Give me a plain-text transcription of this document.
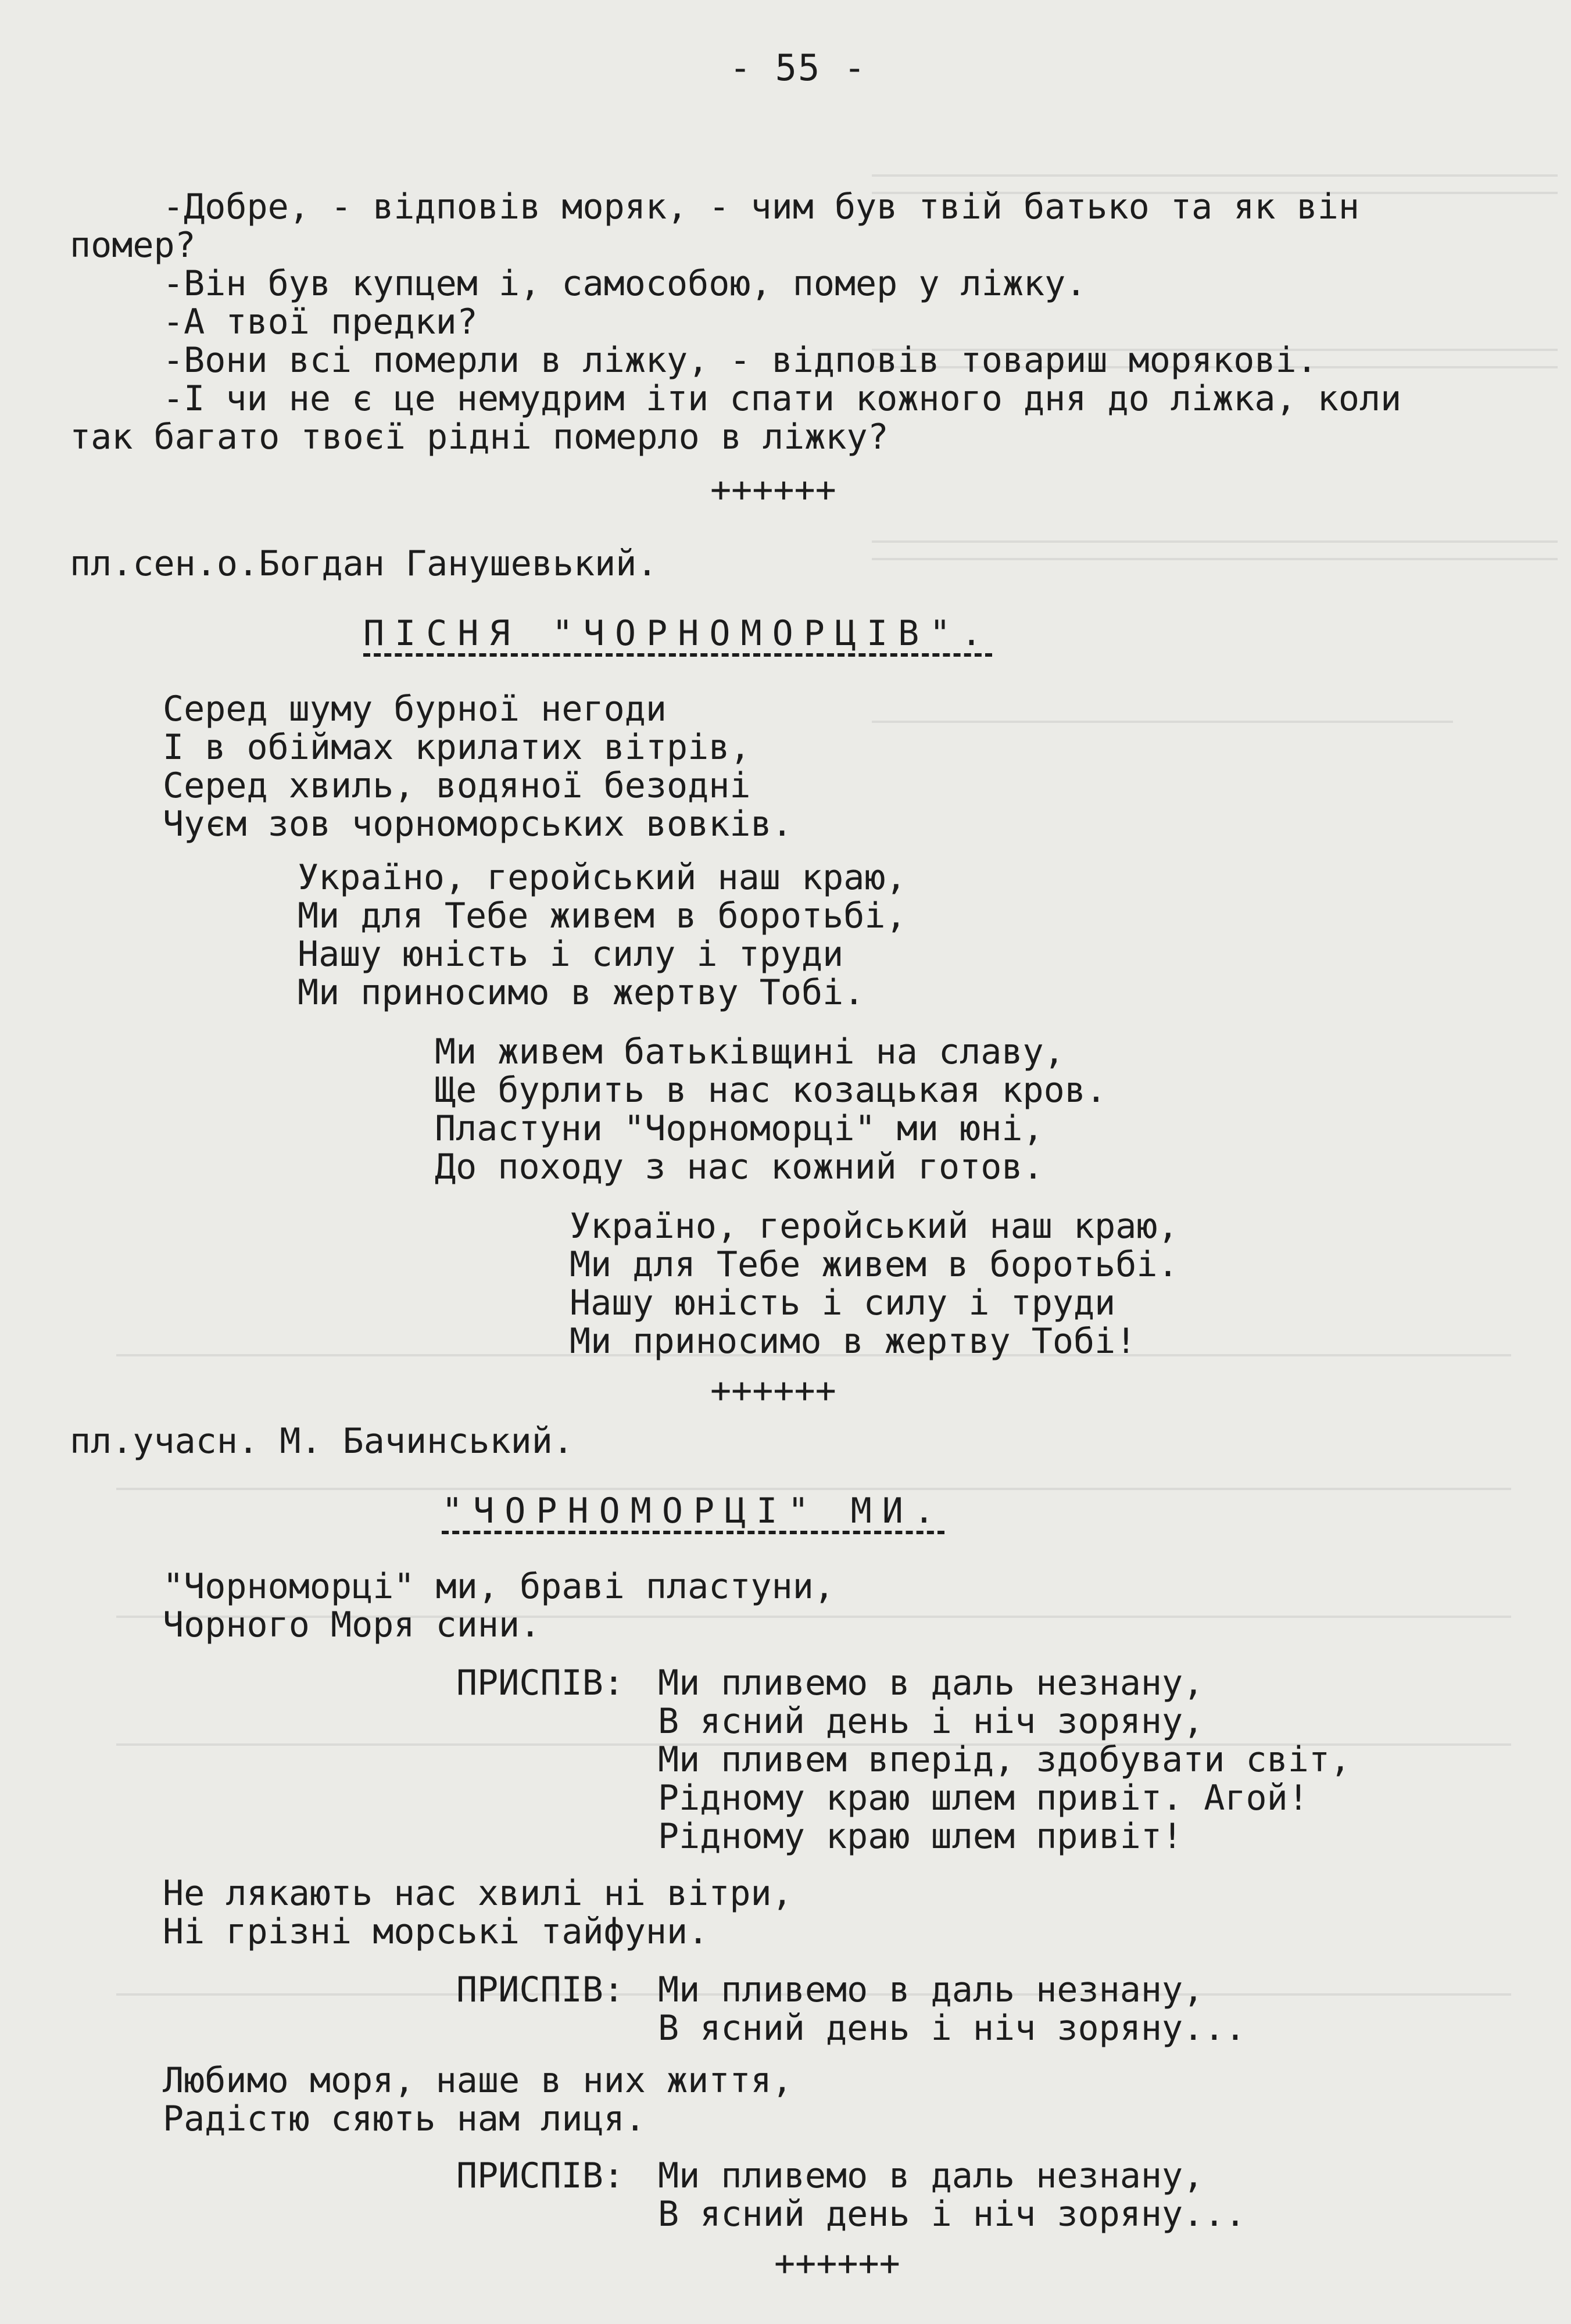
- 55 -
-Добре, - відповів моряк, - чим був твій батько та як він
помер?
-Він був купцем і, самособою, помер у ліжку.
-А твої предки?
-Вони всі померли в ліжку, - відповів товариш морякові.
-І чи не є це немудрим іти спати кожного дня до ліжка, коли
так багато твоєї рідні померло в ліжку?
++++++
пл.сен.о.Богдан Ганушевький.
ПІСНЯ "ЧОРНОМОРЦІВ".
Серед шуму бурної негоди
І в обіймах крилатих вітрів,
Серед хвиль, водяної безодні
Чуєм зов чорноморських вовків.
Україно, геройський наш краю,
Ми для Тебе живем в боротьбі,
Нашу юність і силу і труди
Ми приносимо в жертву Тобі.
Ми живем батьківщині на славу,
Ще бурлить в нас козацькая кров.
Пластуни "Чорноморці" ми юні,
До походу з нас кожний готов.
Україно, геройський наш краю,
Ми для Тебе живем в боротьбі.
Нашу юність і силу і труди
Ми приносимо в жертву Тобі!
++++++
пл.учасн. М. Бачинський.
"ЧОРНОМОРЦІ" МИ.
"Чорноморці" ми, браві пластуни,
Чорного Моря сини.
ПРИСПІВ: Ми пливемо в даль незнану,
В ясний день і ніч зоряну,
Ми пливем вперід, здобувати світ,
Рідному краю шлем привіт. Агой!
Рідному краю шлем привіт!
Не лякають нас хвилі ні вітри,
Ні грізні морські тайфуни.
ПРИСПІВ: Ми пливемо в даль незнану,
В ясний день і ніч зоряну...
Любимо моря, наше в них життя,
Радістю сяють нам лиця.
ПРИСПІВ: Ми пливемо в даль незнану,
В ясний день і ніч зоряну...
++++++
